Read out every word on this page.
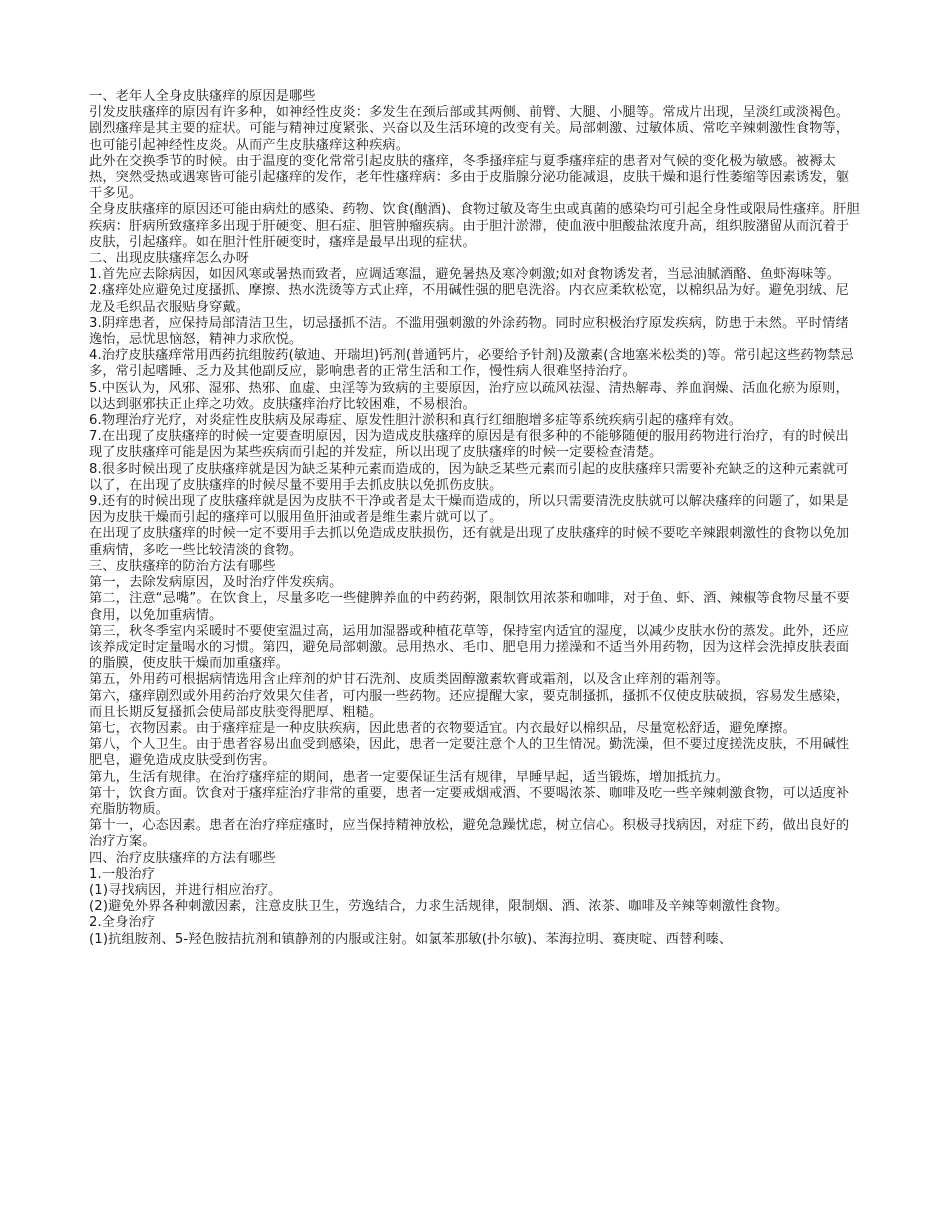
一、老年人全身皮肤瘙痒的原因是哪些

引发皮肤瘙痒的原因有许多种，如神经性皮炎：多发生在颈后部或其两侧、前臂、大腿、小腿等。常成片出现，呈淡红或淡褐色。剧烈瘙痒是其主要的症状。可能与精神过度紧张、兴奋以及生活环境的改变有关。局部刺激、过敏体质、常吃辛辣刺激性食物等，也可能引起神经性皮炎。从而产生皮肤瘙痒这种疾病。

此外在交换季节的时候。由于温度的变化常常引起皮肤的瘙痒，冬季搔痒症与夏季瘙痒症的患者对气候的变化极为敏感。被褥太热，突然受热或遇寒皆可能引起瘙痒的发作，老年性瘙痒病：多由于皮脂腺分泌功能减退，皮肤干燥和退行性萎缩等因素诱发，躯干多见。

全身皮肤瘙痒的原因还可能由病灶的感染、药物、饮食(酗酒)、食物过敏及寄生虫或真菌的感染均可引起全身性或限局性瘙痒。肝胆疾病：肝病所致瘙痒多出现于肝硬变、胆石症、胆管肿瘤疾病。由于胆汁淤滞，使血液中胆酸盐浓度升高，组织胺潴留从而沉着于皮肤，引起瘙痒。如在胆汁性肝硬变时，瘙痒是最早出现的症状。

二、出现皮肤瘙痒怎么办呀

1.首先应去除病因，如因风寒或暑热而致者，应调适寒温，避免暑热及寒冷刺激;如对食物诱发者，当忌油腻酒酪、鱼虾海味等。

2.瘙痒处应避免过度搔抓、摩擦、热水洗烫等方式止痒，不用碱性强的肥皂洗浴。内衣应柔软松宽，以棉织品为好。避免羽绒、尼龙及毛织品衣服贴身穿戴。

3.阴痒患者，应保持局部清洁卫生，切忌搔抓不洁。不滥用强刺激的外涂药物。同时应积极治疗原发疾病，防患于未然。平时情绪逸怡，忌忧思恼怒，精神力求欣悦。

4.治疗皮肤瘙痒常用西药抗组胺药(敏迪、开瑞坦)钙剂(普通钙片，必要给予针剂)及激素(含地塞米松类的)等。常引起这些药物禁忌多，常引起嗜睡、乏力及其他副反应，影响患者的正常生活和工作，慢性病人很难坚持治疗。

5.中医认为，风邪、湿邪、热邪、血虚、虫淫等为致病的主要原因，治疗应以疏风祛湿、清热解毒、养血润燥、活血化瘀为原则，以达到驱邪扶正止痒之功效。皮肤瘙痒治疗比较困难，不易根治。

6.物理治疗光疗，对炎症性皮肤病及尿毒症、原发性胆汁淤积和真行红细胞增多症等系统疾病引起的瘙痒有效。

7.在出现了皮肤瘙痒的时候一定要查明原因，因为造成皮肤瘙痒的原因是有很多种的不能够随便的服用药物进行治疗，有的时候出现了皮肤瘙痒可能是因为某些疾病而引起的并发症，所以出现了皮肤瘙痒的时候一定要检查清楚。

8.很多时候出现了皮肤瘙痒就是因为缺乏某种元素而造成的，因为缺乏某些元素而引起的皮肤瘙痒只需要补充缺乏的这种元素就可以了，在出现了皮肤瘙痒的时候尽量不要用手去抓皮肤以免抓伤皮肤。

9.还有的时候出现了皮肤瘙痒就是因为皮肤不干净或者是太干燥而造成的，所以只需要清洗皮肤就可以解决瘙痒的问题了，如果是因为皮肤干燥而引起的瘙痒可以服用鱼肝油或者是维生素片就可以了。

在出现了皮肤瘙痒的时候一定不要用手去抓以免造成皮肤损伤，还有就是出现了皮肤瘙痒的时候不要吃辛辣跟刺激性的食物以免加重病情，多吃一些比较清淡的食物。

三、皮肤瘙痒的防治方法有哪些

第一，去除发病原因，及时治疗伴发疾病。

第二，注意“忌嘴”。在饮食上，尽量多吃一些健脾养血的中药药粥，限制饮用浓茶和咖啡，对于鱼、虾、酒、辣椒等食物尽量不要食用，以免加重病情。

第三，秋冬季室内采暖时不要使室温过高，运用加湿器或种植花草等，保持室内适宜的湿度，以减少皮肤水份的蒸发。此外，还应该养成定时定量喝水的习惯。第四，避免局部刺激。忌用热水、毛巾、肥皂用力搓澡和不适当外用药物，因为这样会洗掉皮肤表面的脂膜，使皮肤干燥而加重瘙痒。

第五，外用药可根据病情选用含止痒剂的炉甘石洗剂、皮质类固醇激素软膏或霜剂，以及含止痒剂的霜剂等。

第六，瘙痒剧烈或外用药治疗效果欠佳者，可内服一些药物。还应提醒大家，要克制搔抓，搔抓不仅使皮肤破损，容易发生感染，而且长期反复搔抓会使局部皮肤变得肥厚、粗糙。

第七，衣物因素。由于瘙痒症是一种皮肤疾病，因此患者的衣物要适宜。内衣最好以棉织品，尽量宽松舒适，避免摩擦。

第八，个人卫生。由于患者容易出血受到感染，因此，患者一定要注意个人的卫生情况。勤洗澡，但不要过度搓洗皮肤，不用碱性肥皂，避免造成皮肤受到伤害。

第九，生活有规律。在治疗瘙痒症的期间，患者一定要保证生活有规律，早睡早起，适当锻炼，增加抵抗力。

第十，饮食方面。饮食对于瘙痒症治疗非常的重要，患者一定要戒烟戒酒、不要喝浓茶、咖啡及吃一些辛辣刺激食物，可以适度补充脂肪物质。

第十一，心态因素。患者在治疗痒症瘙时，应当保持精神放松，避免急躁忧虑，树立信心。积极寻找病因，对症下药，做出良好的治疗方案。

四、治疗皮肤瘙痒的方法有哪些

1.一般治疗

(1)寻找病因，并进行相应治疗。

(2)避免外界各种刺激因素，注意皮肤卫生，劳逸结合，力求生活规律，限制烟、酒、浓茶、咖啡及辛辣等刺激性食物。

2.全身治疗

(1)抗组胺剂、5-羟色胺拮抗剂和镇静剂的内服或注射。如氯苯那敏(扑尔敏)、苯海拉明、赛庚啶、西替利嗪、
